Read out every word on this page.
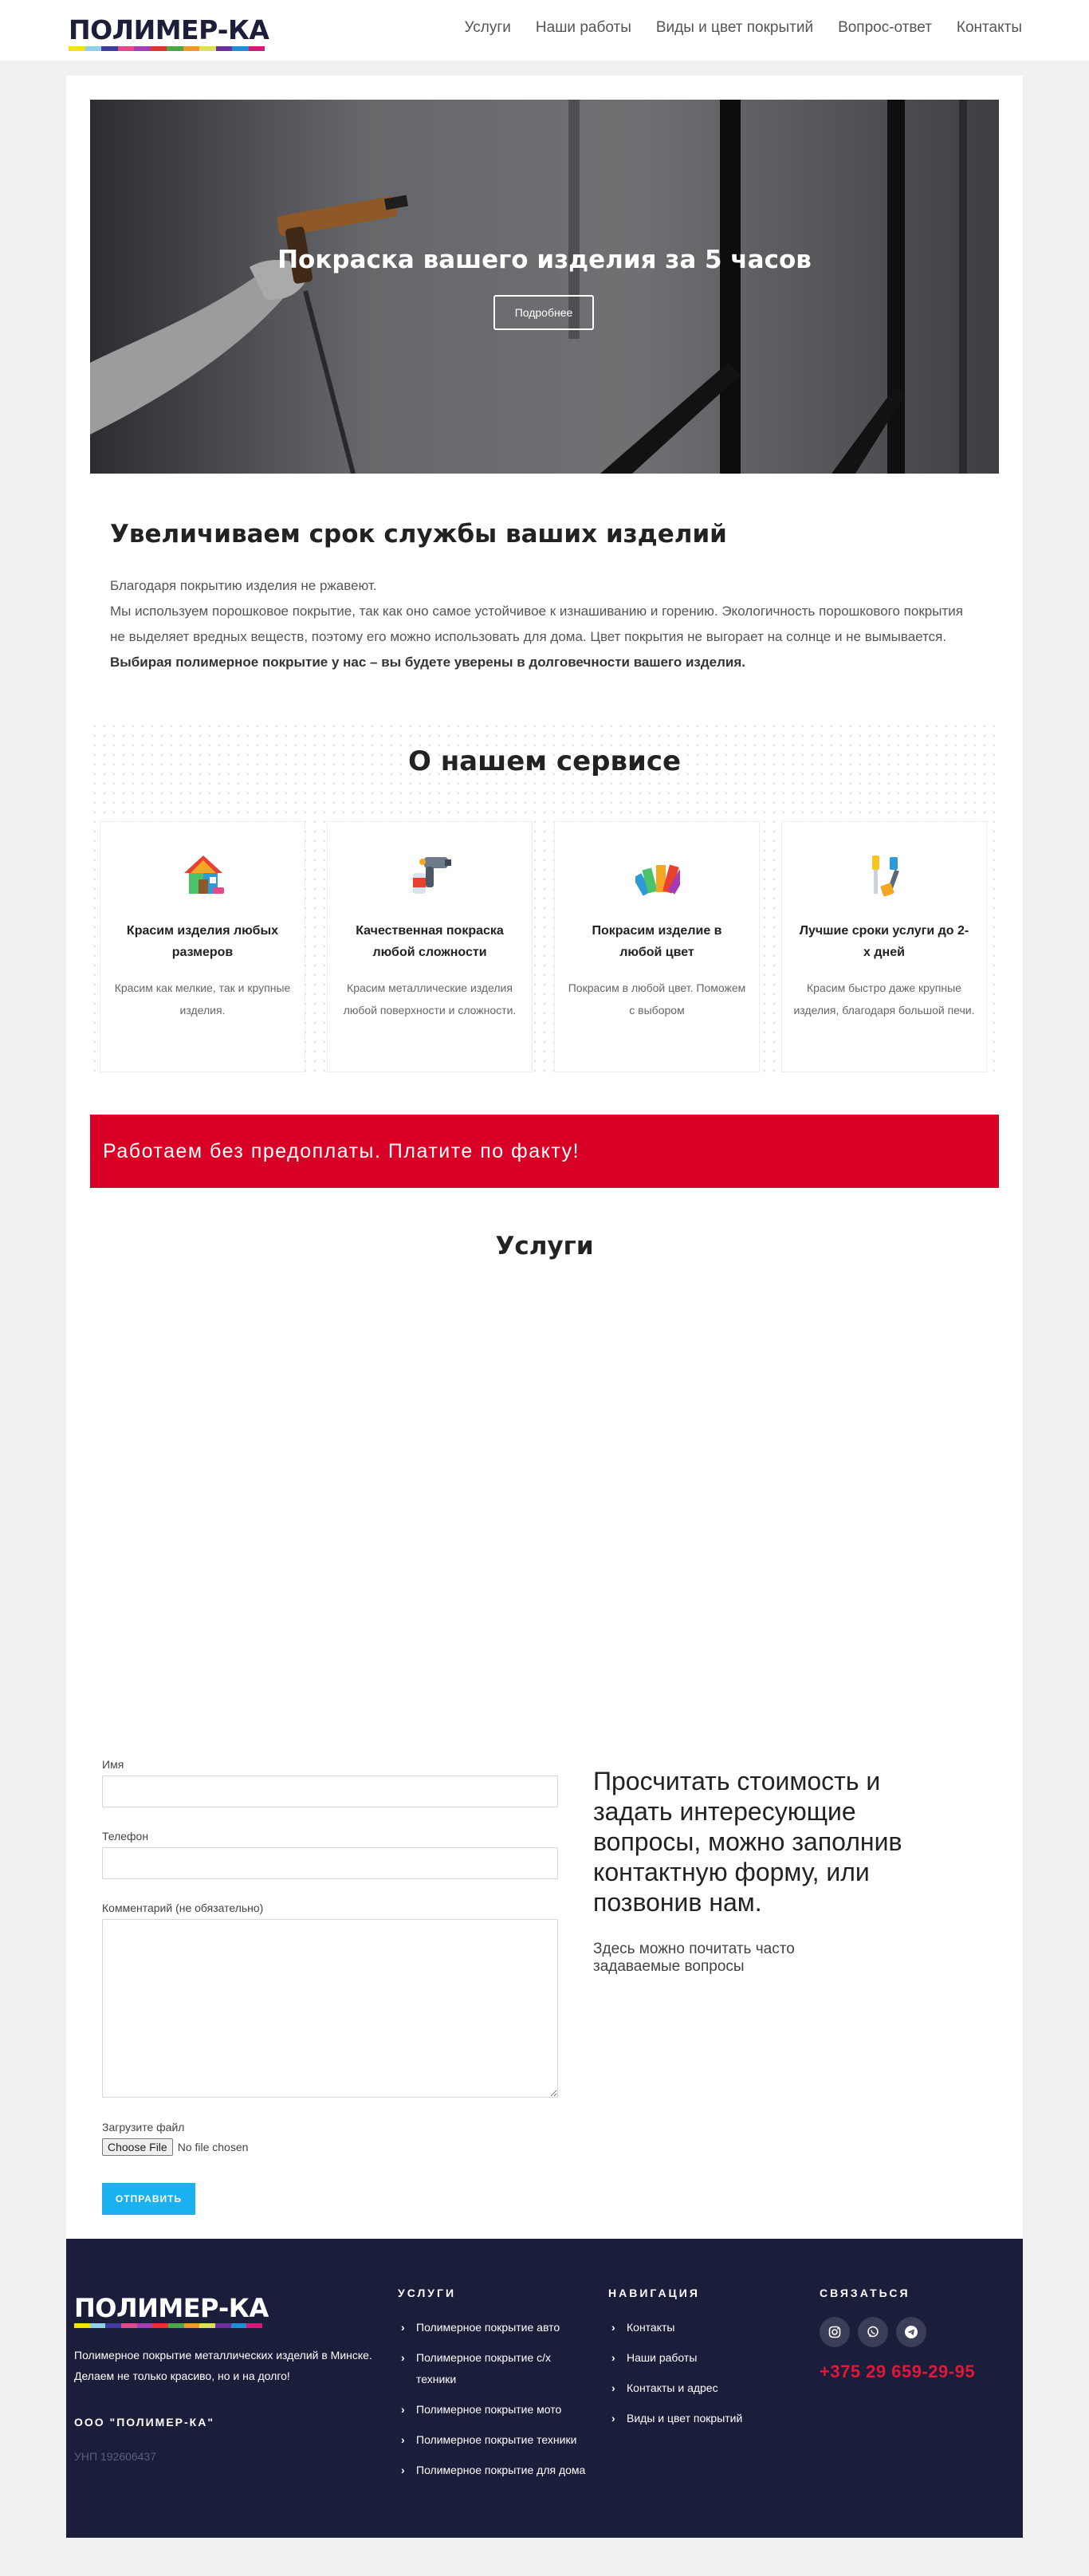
ПОЛИМЕР-КА	Услуги Наши работы Виды и цвет покрытий Вопрос-ответ Контакты
Покраска вашего изделия за 5 часов
Подробнее
Увеличиваем срок службы ваших изделий

Благодаря покрытию изделия не ржавеют.

Мы используем порошковое покрытие, так как оно самое устойчивое к изнашиванию и горению. Экологичность порошкового покрытия не выделяет вредных веществ, поэтому его можно использовать для дома. Цвет покрытия не выгорает на солнце и не вымывается.

Выбирая полимерное покрытие у нас – вы будете уверены в долговечности вашего изделия.

О нашем сервисе
Красим изделия любых размеров
Красим как мелкие, так и крупные изделия.
Качественная покраска любой сложности
Красим металлические изделия любой поверхности и сложности.
Покрасим изделие в любой цвет
Покрасим в любой цвет. Поможем с выбором
Лучшие сроки услуги до 2-х дней
Красим быстро даже крупные изделия, благодаря большой печи.
Работаем без предоплаты. Платите по факту!
Услуги
Имя
Телефон
Комментарий (не обязательно)
Загрузите файл
Choose File No file chosen
ОТПРАВИТЬ
Просчитать стоимость и задать интересующие вопросы, можно заполнив контактную форму, или позвонив нам.
Здесь можно почитать часто задаваемые вопросы
ПОЛИМЕР-КА
Полимерное покрытие металлических изделий в Минске. Делаем не только красиво, но и на долго!
ООО "ПОЛИМЕР-КА"
УНП 192606437
УСЛУГИ
› Полимерное покрытие авто
› Полимерное покрытие с/х техники
› Полимерное покрытие мото
› Полимерное покрытие техники
› Полимерное покрытие для дома
НАВИГАЦИЯ
› Контакты
› Наши работы
› Контакты и адрес
› Виды и цвет покрытий
СВЯЗАТЬСЯ
+375 29 659-29-95
